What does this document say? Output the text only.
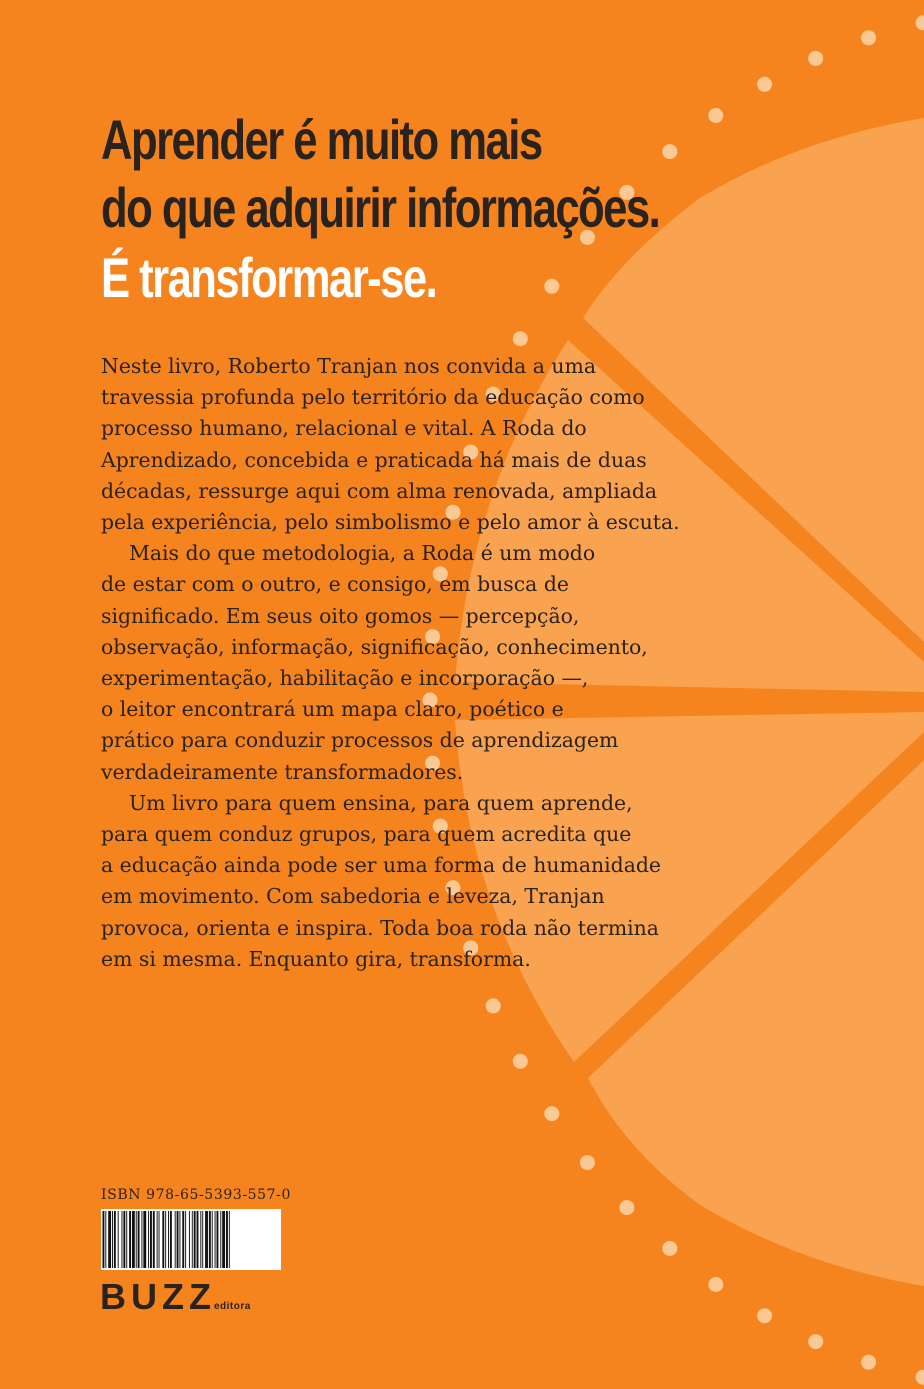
Aprender é muito mais
do que adquirir informações.
É transformar-se.

Neste livro, Roberto Tranjan nos convida a uma
travessia profunda pelo território da educação como
processo humano, relacional e vital. A Roda do
Aprendizado, concebida e praticada há mais de duas
décadas, ressurge aqui com alma renovada, ampliada
pela experiência, pelo simbolismo e pelo amor à escuta.

Mais do que metodologia, a Roda é um modo
de estar com o outro, e consigo, em busca de
significado. Em seus oito gomos — percepção,
observação, informação, significação, conhecimento,
experimentação, habilitação e incorporação —,
o leitor encontrará um mapa claro, poético e
prático para conduzir processos de aprendizagem
verdadeiramente transformadores.

Um livro para quem ensina, para quem aprende,
para quem conduz grupos, para quem acredita que
a educação ainda pode ser uma forma de humanidade
em movimento. Com sabedoria e leveza, Tranjan
provoca, orienta e inspira. Toda boa roda não termina
em si mesma. Enquanto gira, transforma.

ISBN 978-65-5393-557-0
BUZZeditora
